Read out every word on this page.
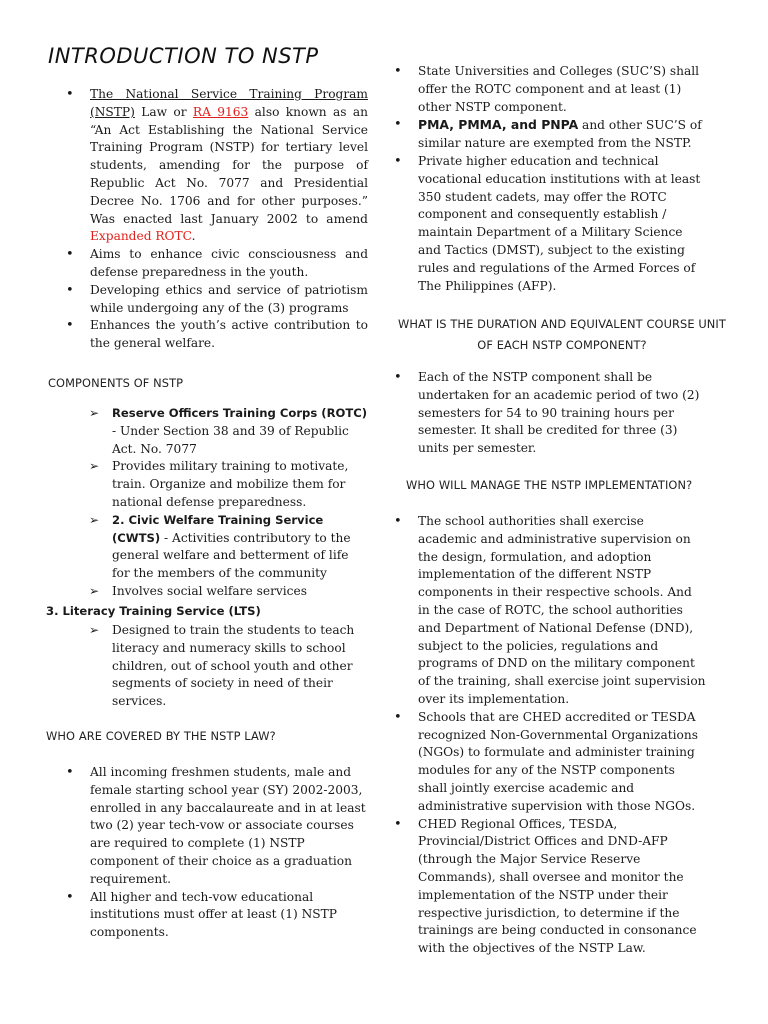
INTRODUCTION TO NSTP
• The National Service Training Program (NSTP) Law or RA 9163 also known as an “An Act Establishing the National Service Training Program (NSTP) for tertiary level students, amending for the purpose of Republic Act No. 7077 and Presidential Decree No. 1706 and for other purposes.” Was enacted last January 2002 to amend Expanded ROTC.
• Aims to enhance civic consciousness and defense preparedness in the youth.
• Developing ethics and service of patriotism while undergoing any of the (3) programs
• Enhances the youth’s active contribution to the general welfare.
COMPONENTS OF NSTP
➢ Reserve Officers Training Corps (ROTC) - Under Section 38 and 39 of Republic Act. No. 7077
➢ Provides military training to motivate, train. Organize and mobilize them for national defense preparedness.
➢ 2. Civic Welfare Training Service (CWTS) - Activities contributory to the general welfare and betterment of life for the members of the community
➢ Involves social welfare services
3. Literacy Training Service (LTS)
➢ Designed to train the students to teach literacy and numeracy skills to school children, out of school youth and other segments of society in need of their services.
WHO ARE COVERED BY THE NSTP LAW?
• All incoming freshmen students, male and female starting school year (SY) 2002-2003, enrolled in any baccalaureate and in at least two (2) year tech-vow or associate courses are required to complete (1) NSTP component of their choice as a graduation requirement.
• All higher and tech-vow educational institutions must offer at least (1) NSTP components.
• State Universities and Colleges (SUC’S) shall offer the ROTC component and at least (1) other NSTP component.
• PMA, PMMA, and PNPA and other SUC’S of similar nature are exempted from the NSTP.
• Private higher education and technical vocational education institutions with at least 350 student cadets, may offer the ROTC component and consequently establish / maintain Department of a Military Science and Tactics (DMST), subject to the existing rules and regulations of the Armed Forces of The Philippines (AFP).
WHAT IS THE DURATION AND EQUIVALENT COURSE UNIT OF EACH NSTP COMPONENT?
• Each of the NSTP component shall be undertaken for an academic period of two (2) semesters for 54 to 90 training hours per semester. It shall be credited for three (3) units per semester.
WHO WILL MANAGE THE NSTP IMPLEMENTATION?
• The school authorities shall exercise academic and administrative supervision on the design, formulation, and adoption implementation of the different NSTP components in their respective schools. And in the case of ROTC, the school authorities and Department of National Defense (DND), subject to the policies, regulations and programs of DND on the military component of the training, shall exercise joint supervision over its implementation.
• Schools that are CHED accredited or TESDA recognized Non-Governmental Organizations (NGOs) to formulate and administer training modules for any of the NSTP components shall jointly exercise academic and administrative supervision with those NGOs.
• CHED Regional Offices, TESDA, Provincial/District Offices and DND-AFP (through the Major Service Reserve Commands), shall oversee and monitor the implementation of the NSTP under their respective jurisdiction, to determine if the trainings are being conducted in consonance with the objectives of the NSTP Law.
